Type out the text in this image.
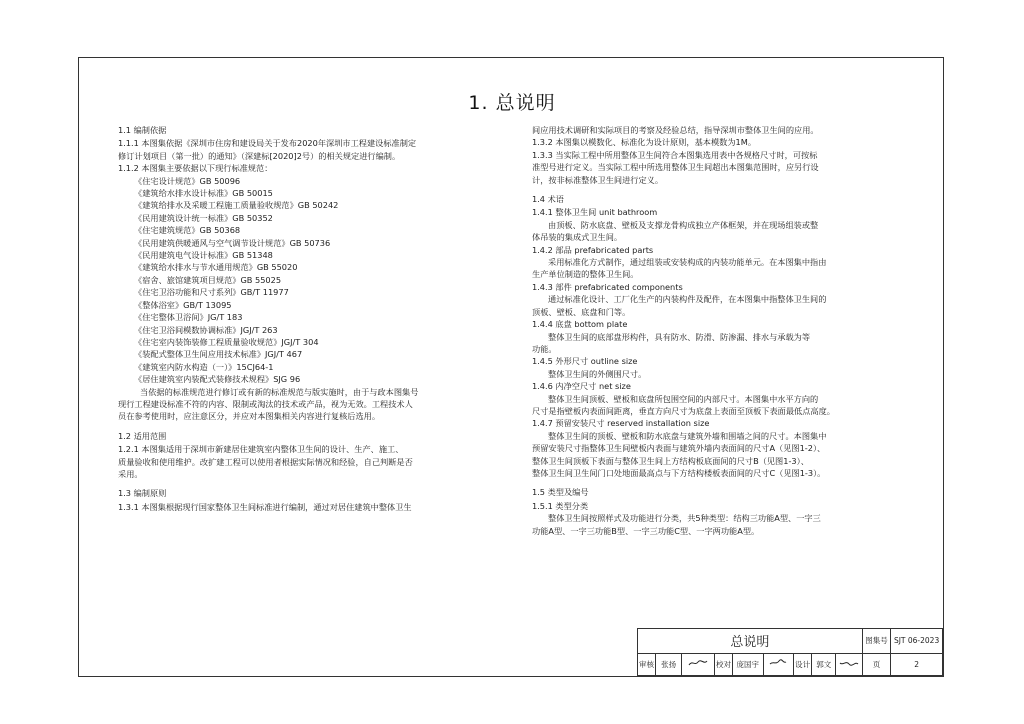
1. 总说明
1.1 编制依据
1.1.1 本图集依据《深圳市住房和建设局关于发布2020年深圳市工程建设标准制定
修订计划项目（第一批）的通知》（深建标[2020]2号）的相关规定进行编制。
1.1.2 本图集主要依据以下现行标准规范：
《住宅设计规范》GB 50096
《建筑给水排水设计标准》GB 50015
《建筑给排水及采暖工程施工质量验收规范》GB 50242
《民用建筑设计统一标准》GB 50352
《住宅建筑规范》GB 50368
《民用建筑供暖通风与空气调节设计规范》GB 50736
《民用建筑电气设计标准》GB 51348
《建筑给水排水与节水通用规范》GB 55020
《宿舍、旅馆建筑项目规范》GB 55025
《住宅卫浴功能和尺寸系列》GB/T 11977
《整体浴室》GB/T 13095
《住宅整体卫浴间》JG/T 183
《住宅卫浴间模数协调标准》JGJ/T 263
《住宅室内装饰装修工程质量验收规范》JGJ/T 304
《装配式整体卫生间应用技术标准》JGJ/T 467
《建筑室内防水构造（一）》15CJ64-1
《居住建筑室内装配式装修技术规程》SJG 96
当依据的标准规范进行修订或有新的标准规范与版实施时，由于与政本图集号
现行工程建设标准不符的内容、限制或淘汰的技术或产品，视为无效。工程技术人
员在参考使用时，应注意区分，并应对本图集相关内容进行复核后选用。
1.2 适用范围
1.2.1 本图集适用于深圳市新建居住建筑室内整体卫生间的设计、生产、施工、
质量验收和使用维护。改扩建工程可以使用者根据实际情况和经验，自己判断是否
采用。
1.3 编制原则
1.3.1 本图集根据现行国家整体卫生间标准进行编制，通过对居住建筑中整体卫生
间应用技术调研和实际项目的考察及经验总结，指导深圳市整体卫生间的应用。
1.3.2 本图集以模数化、标准化为设计原则，基本模数为1M。
1.3.3 当实际工程中所用整体卫生间符合本图集选用表中各规格尺寸时，可按标
准型号进行定义。当实际工程中所选用整体卫生间超出本图集范围时，应另行设
计，按非标准整体卫生间进行定义。
1.4 术语
1.4.1 整体卫生间 unit bathroom
由顶板、防水底盘、壁板及支撑龙骨构成独立产体框架，并在现场组装或整
体吊装的集成式卫生间。
1.4.2 部品 prefabricated parts
采用标准化方式制作，通过组装或安装构成的内装功能单元。在本图集中指由
生产单位制造的整体卫生间。
1.4.3 部件 prefabricated components
通过标准化设计、工厂化生产的内装构件及配件，在本图集中指整体卫生间的
顶板、壁板、底盘和门等。
1.4.4 底盘 bottom plate
整体卫生间的底部盘形构件，具有防水、防滑、防渗漏、排水与承载为等
功能。
1.4.5 外形尺寸 outline size
整体卫生间的外侧围尺寸。
1.4.6 内净空尺寸 net size
整体卫生间顶板、壁板和底盘所包围空间的内部尺寸。本图集中水平方向的
尺寸是指壁板内表面间距离，垂直方向尺寸为底盘上表面至顶板下表面最低点高度。
1.4.7 预留安装尺寸 reserved installation size
整体卫生间的顶板、壁板和防水底盘与建筑外墙和围墙之间的尺寸。本图集中
预留安装尺寸指整体卫生间壁板内表面与建筑外墙内表面间的尺寸A（见图1-2）、
整体卫生间顶板下表面与整体卫生间上方结构板底面间的尺寸B（见图1-3）、
整体卫生间卫生间门口处地面最高点与下方结构楼板表面间的尺寸C（见图1-3）。
1.5 类型及编号
1.5.1 类型分类
整体卫生间按照样式及功能进行分类，共5种类型：结构三功能A型、一字三
功能A型、一字三功能B型、一字三功能C型、一字两功能A型。
总说明									图集号	SJT 06-2023
审核	张扬		校对	庞国宇		设计	郭文		页	2
